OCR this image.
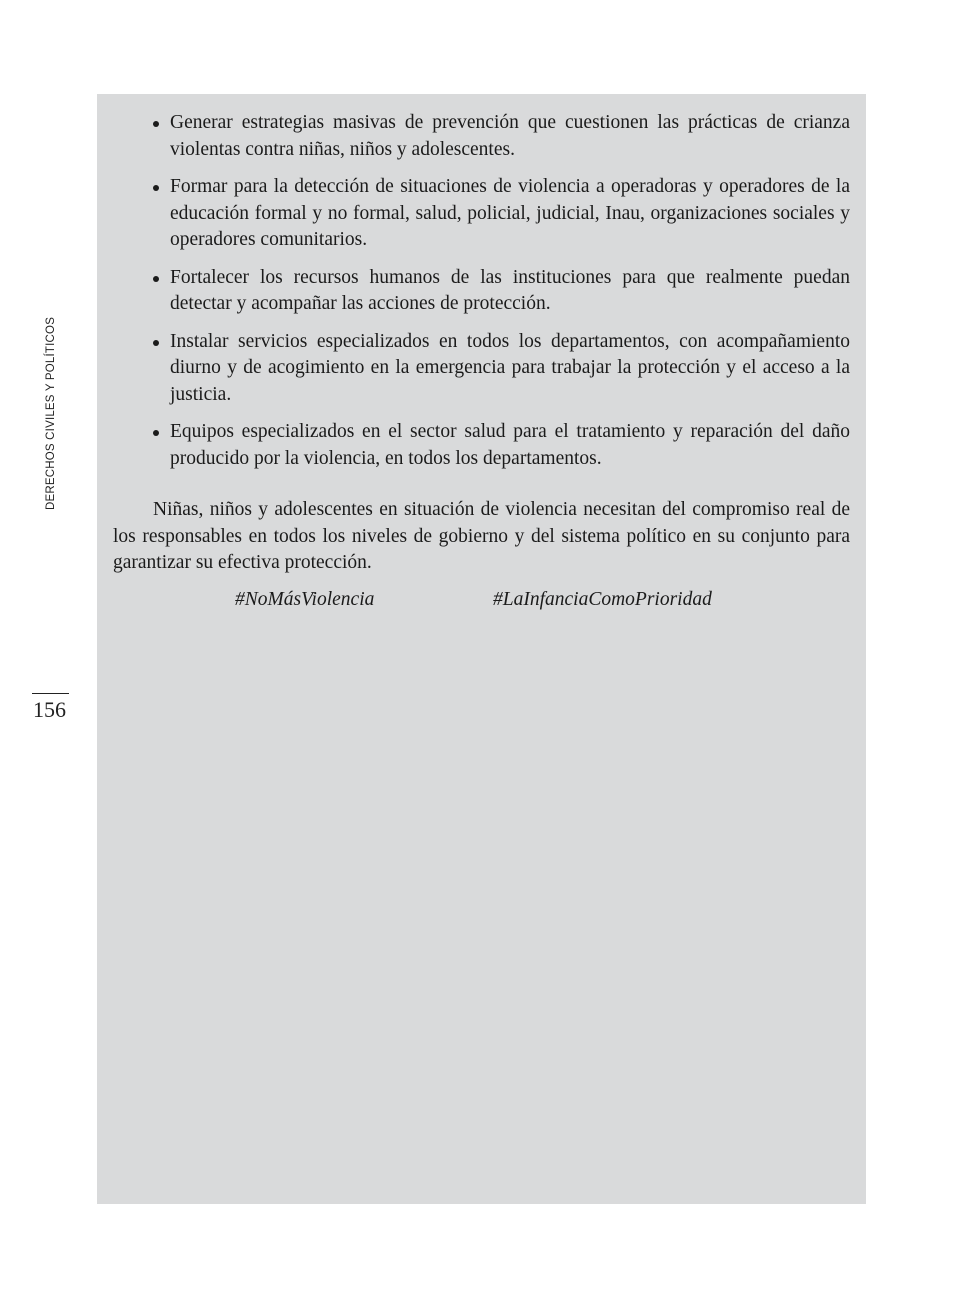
DERECHOS CIVILES Y POLÍTICOS
156
Generar estrategias masivas de prevención que cuestionen las prácticas de crianza violentas contra niñas, niños y adolescentes.
Formar para la detección de situaciones de violencia a operadoras y operadores de la educación formal y no formal, salud, policial, judicial, Inau, organizaciones sociales y operadores comunitarios.
Fortalecer los recursos humanos de las instituciones para que realmente puedan detectar y acompañar las acciones de protección.
Instalar servicios especializados en todos los departamentos, con acompañamiento diurno y de acogimiento en la emergencia para trabajar la protección y el acceso a la justicia.
Equipos especializados en el sector salud para el tratamiento y reparación del daño producido por la violencia, en todos los departamentos.

Niñas, niños y adolescentes en situación de violencia necesitan del compromiso real de los responsables en todos los niveles de gobierno y del sistema político en su conjunto para garantizar su efectiva protección.

#NoMásViolencia	#LaInfanciaComoPrioridad
